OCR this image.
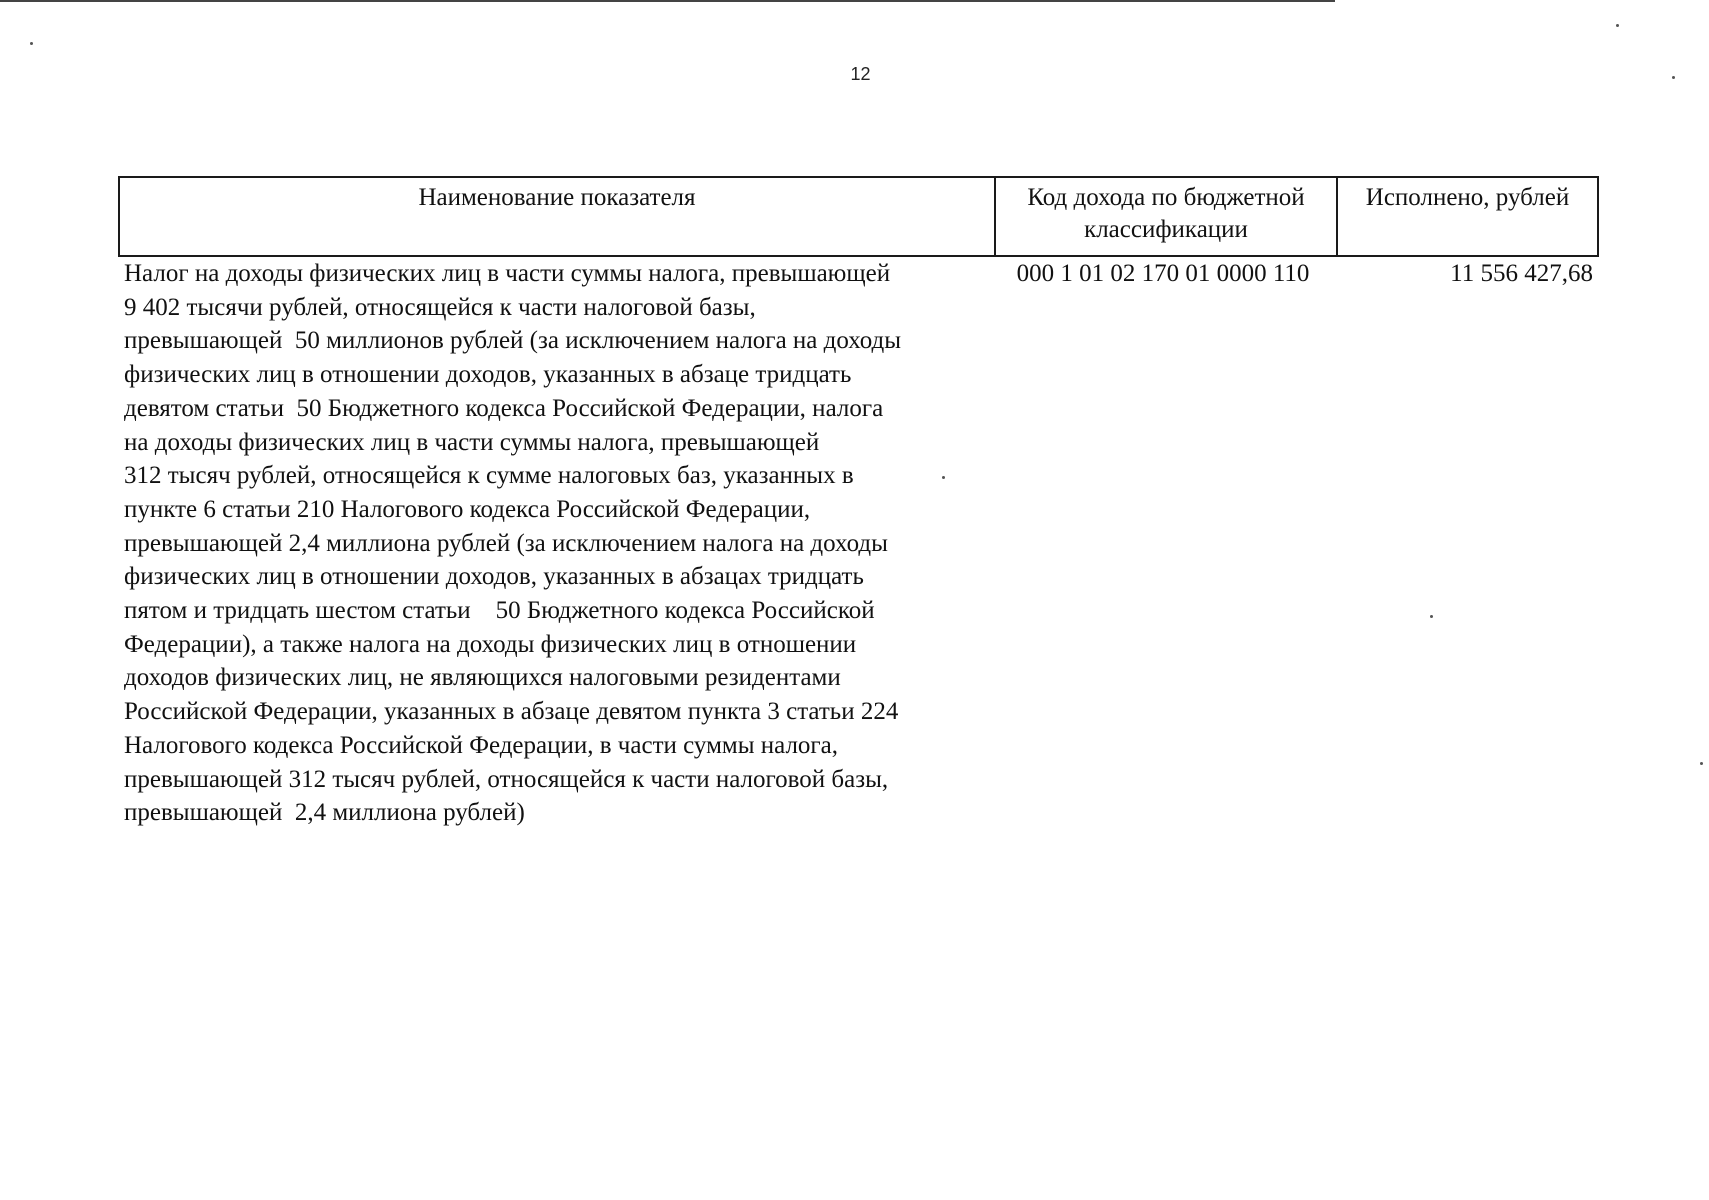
12
Наименование показателя	Код дохода по бюджетной классификации
Исполнено, рублей
Налог на доходы физических лиц в части суммы налога, превышающей
9 402 тысячи рублей, относящейся к части налоговой базы,
превышающей  50 миллионов рублей (за исключением налога на доходы
физических лиц в отношении доходов, указанных в абзаце тридцать
девятом статьи  50 Бюджетного кодекса Российской Федерации, налога
на доходы физических лиц в части суммы налога, превышающей
312 тысяч рублей, относящейся к сумме налоговых баз, указанных в
пункте 6 статьи 210 Налогового кодекса Российской Федерации,
превышающей 2,4 миллиона рублей (за исключением налога на доходы
физических лиц в отношении доходов, указанных в абзацах тридцать
пятом и тридцать шестом статьи    50 Бюджетного кодекса Российской
Федерации), а также налога на доходы физических лиц в отношении
доходов физических лиц, не являющихся налоговыми резидентами
Российской Федерации, указанных в абзаце девятом пункта 3 статьи 224
Налогового кодекса Российской Федерации, в части суммы налога,
превышающей 312 тысяч рублей, относящейся к части налоговой базы,
превышающей  2,4 миллиона рублей)
000 1 01 02 170 01 0000 110	11 556 427,68
